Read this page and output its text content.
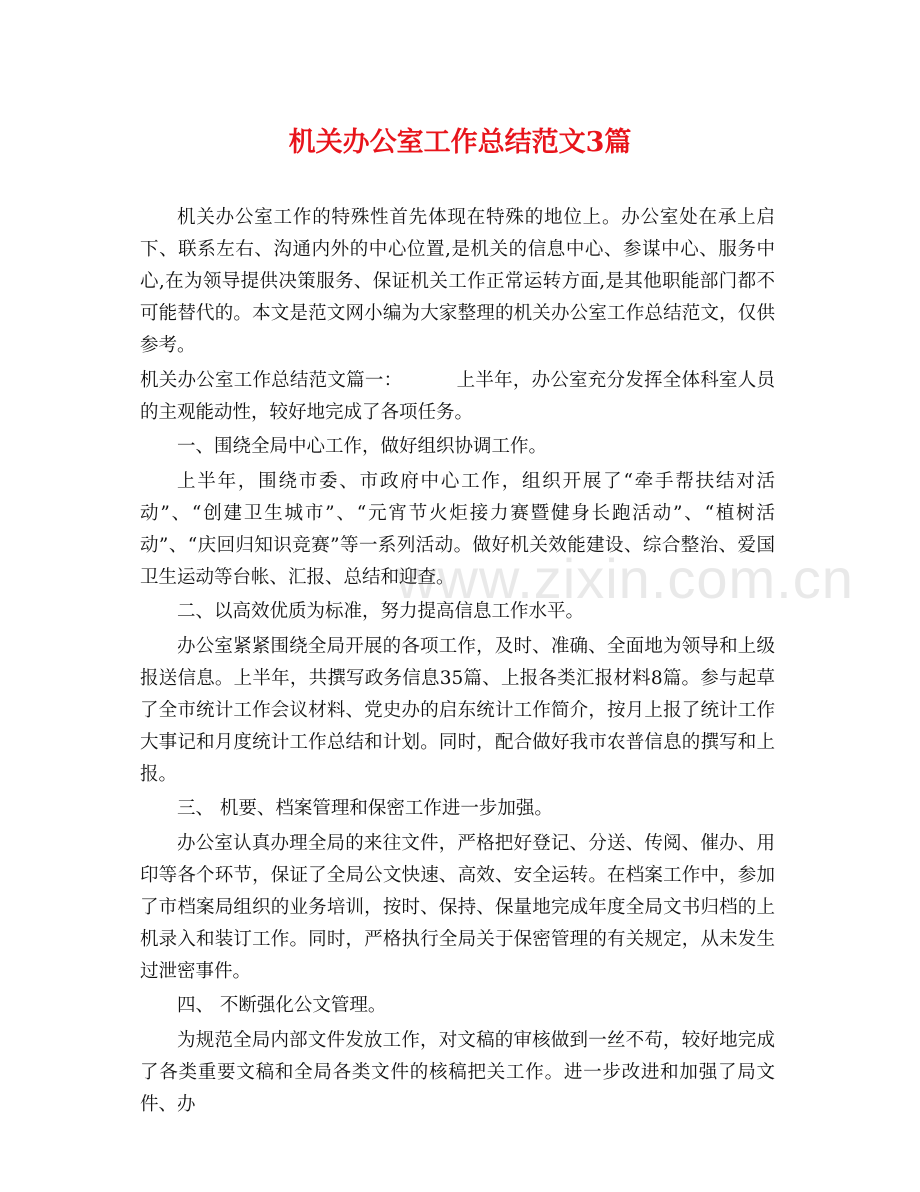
www.zixin.com.cn
机关办公室工作总结范文3篇

机关办公室工作的特殊性首先体现在特殊的地位上。办公室处在承上启下、联系左右、沟通内外的中心位置,是机关的信息中心、参谋中心、服务中心,在为领导提供决策服务、保证机关工作正常运转方面,是其他职能部门都不可能替代的。本文是范文网小编为大家整理的机关办公室工作总结范文，仅供参考。

机关办公室工作总结范文篇一：	上半年，办公室充分发挥全体科室人员的主观能动性，较好地完成了各项任务。

一、围绕全局中心工作，做好组织协调工作。

上半年，围绕市委、市政府中心工作，组织开展了“牵手帮扶结对活动”、“创建卫生城市”、“元宵节火炬接力赛暨健身长跑活动”、“植树活动”、“庆回归知识竞赛”等一系列活动。做好机关效能建设、综合整治、爱国卫生运动等台帐、汇报、总结和迎查。

二、以高效优质为标准，努力提高信息工作水平。

办公室紧紧围绕全局开展的各项工作，及时、准确、全面地为领导和上级报送信息。上半年，共撰写政务信息35篇、上报各类汇报材料8篇。参与起草了全市统计工作会议材料、党史办的启东统计工作简介，按月上报了统计工作大事记和月度统计工作总结和计划。同时，配合做好我市农普信息的撰写和上报。

三、 机要、档案管理和保密工作进一步加强。

办公室认真办理全局的来往文件，严格把好登记、分送、传阅、催办、用印等各个环节，保证了全局公文快速、高效、安全运转。在档案工作中，参加了市档案局组织的业务培训，按时、保持、保量地完成年度全局文书归档的上机录入和装订工作。同时，严格执行全局关于保密管理的有关规定，从未发生过泄密事件。

四、 不断强化公文管理。

为规范全局内部文件发放工作，对文稿的审核做到一丝不苟，较好地完成了各类重要文稿和全局各类文件的核稿把关工作。进一步改进和加强了局文件、办
